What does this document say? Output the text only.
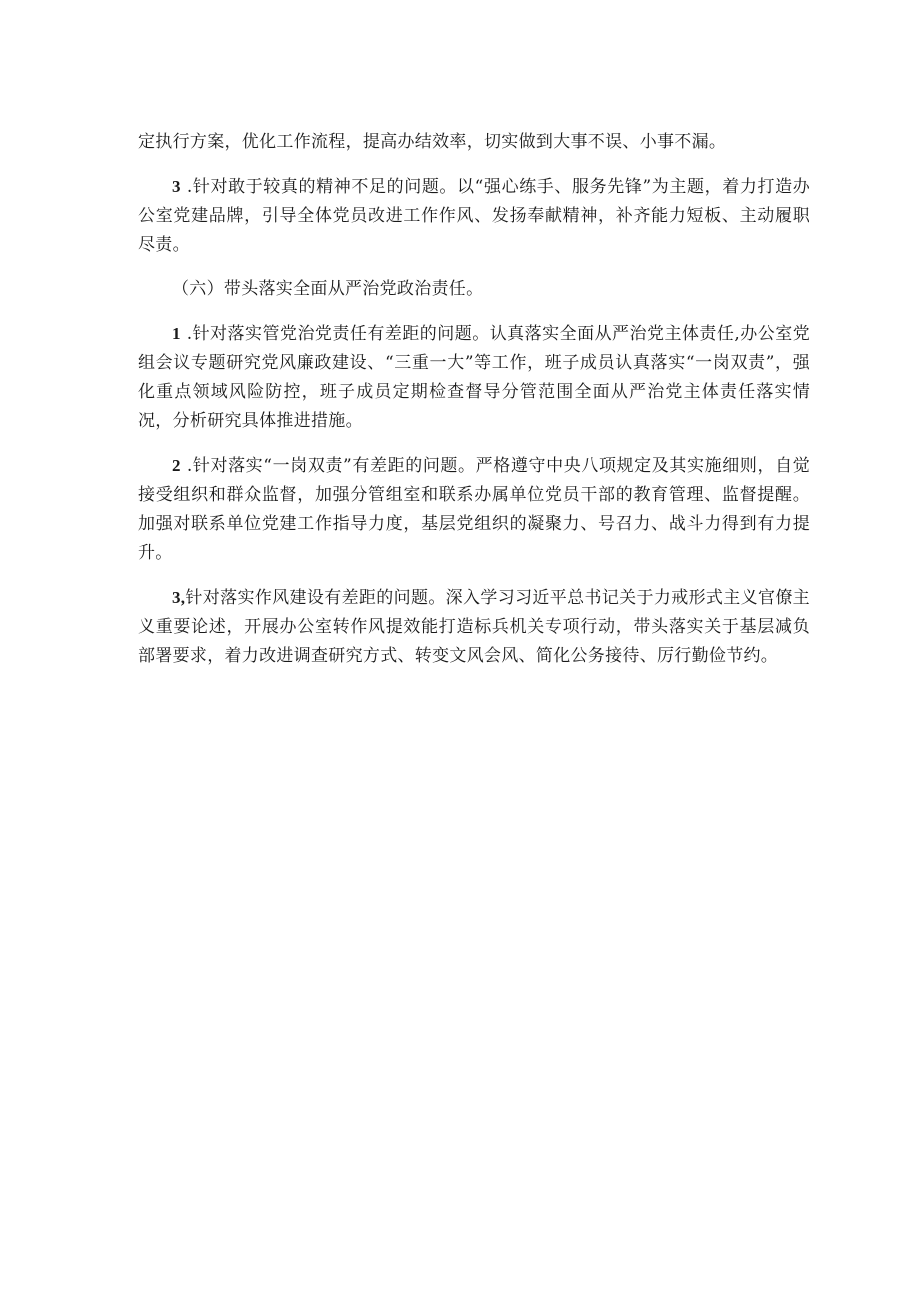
定执行方案，优化工作流程，提高办结效率，切实做到大事不误、小事不漏。

3 .针对敢于较真的精神不足的问题。以“强心练手、服务先锋”为主题，着力打造办公室党建品牌，引导全体党员改进工作作风、发扬奉献精神，补齐能力短板、主动履职尽责。

（六）带头落实全面从严治党政治责任。

1 .针对落实管党治党责任有差距的问题。认真落实全面从严治党主体责任,办公室党组会议专题研究党风廉政建设、“三重一大”等工作，班子成员认真落实“一岗双责”，强化重点领域风险防控，班子成员定期检查督导分管范围全面从严治党主体责任落实情况，分析研究具体推进措施。

2 .针对落实“一岗双责”有差距的问题。严格遵守中央八项规定及其实施细则，自觉接受组织和群众监督，加强分管组室和联系办属单位党员干部的教育管理、监督提醒。加强对联系单位党建工作指导力度，基层党组织的凝聚力、号召力、战斗力得到有力提升。

3,针对落实作风建设有差距的问题。深入学习习近平总书记关于力戒形式主义官僚主义重要论述，开展办公室转作风提效能打造标兵机关专项行动，带头落实关于基层减负部署要求，着力改进调查研究方式、转变文风会风、简化公务接待、厉行勤俭节约。
